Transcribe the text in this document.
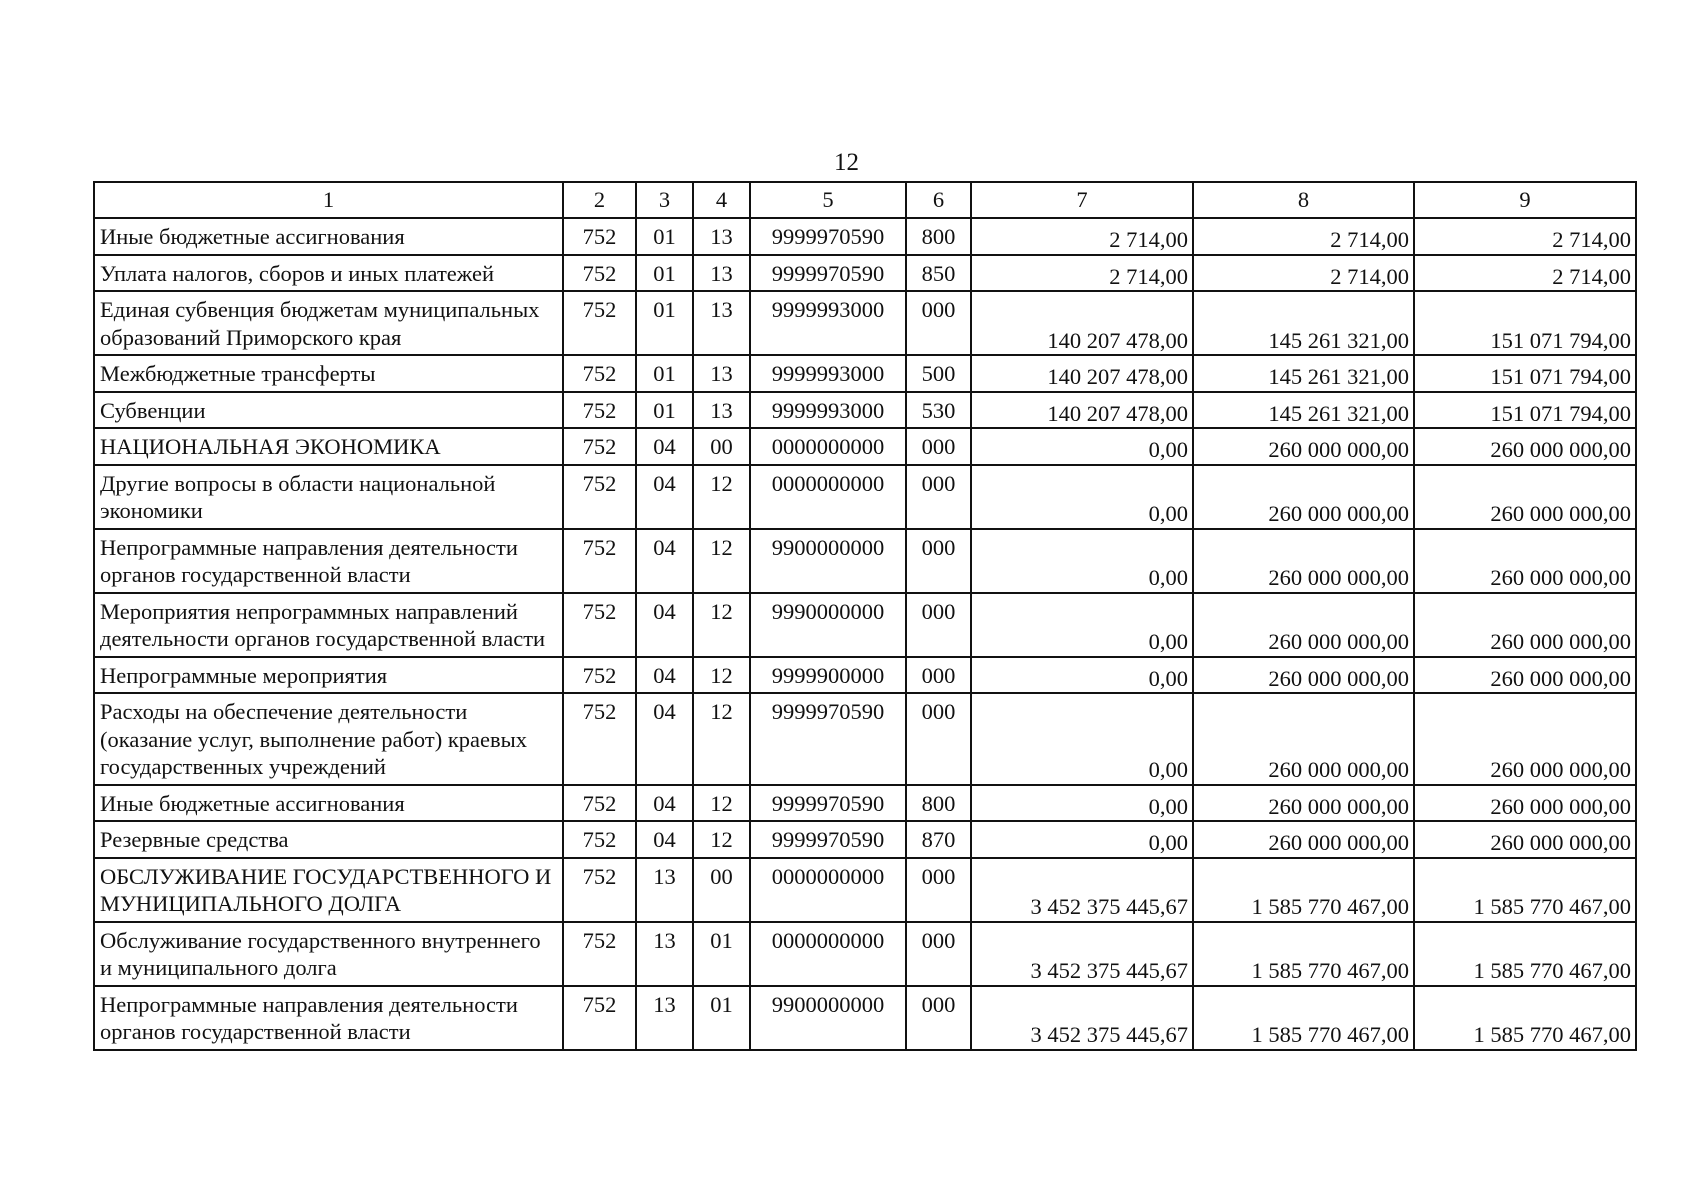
12
1	2	3	4	5	6	7	8	9
Иные бюджетные ассигнования	752	01	13	9999970590	800	2 714,00	2 714,00	2 714,00
Уплата налогов, сборов и иных платежей	752	01	13	9999970590	850	2 714,00	2 714,00	2 714,00
Единая субвенция бюджетам муниципальных образований Приморского края	752	01	13	9999993000	000	140 207 478,00	145 261 321,00	151 071 794,00
Межбюджетные трансферты	752	01	13	9999993000	500	140 207 478,00	145 261 321,00	151 071 794,00
Субвенции	752	01	13	9999993000	530	140 207 478,00	145 261 321,00	151 071 794,00
НАЦИОНАЛЬНАЯ ЭКОНОМИКА	752	04	00	0000000000	000	0,00	260 000 000,00	260 000 000,00
Другие вопросы в области национальной экономики	752	04	12	0000000000	000	0,00	260 000 000,00	260 000 000,00
Непрограммные направления деятельности органов государственной власти	752	04	12	9900000000	000	0,00	260 000 000,00	260 000 000,00
Мероприятия непрограммных направлений деятельности органов государственной власти	752	04	12	9990000000	000	0,00	260 000 000,00	260 000 000,00
Непрограммные мероприятия	752	04	12	9999900000	000	0,00	260 000 000,00	260 000 000,00
Расходы на обеспечение деятельности (оказание услуг, выполнение работ) краевых государственных учреждений	752	04	12	9999970590	000	0,00	260 000 000,00	260 000 000,00
Иные бюджетные ассигнования	752	04	12	9999970590	800	0,00	260 000 000,00	260 000 000,00
Резервные средства	752	04	12	9999970590	870	0,00	260 000 000,00	260 000 000,00
ОБСЛУЖИВАНИЕ ГОСУДАРСТВЕННОГО И МУНИЦИПАЛЬНОГО ДОЛГА	752	13	00	0000000000	000	3 452 375 445,67	1 585 770 467,00	1 585 770 467,00
Обслуживание государственного внутреннего и муниципального долга	752	13	01	0000000000	000	3 452 375 445,67	1 585 770 467,00	1 585 770 467,00
Непрограммные направления деятельности органов государственной власти	752	13	01	9900000000	000	3 452 375 445,67	1 585 770 467,00	1 585 770 467,00
